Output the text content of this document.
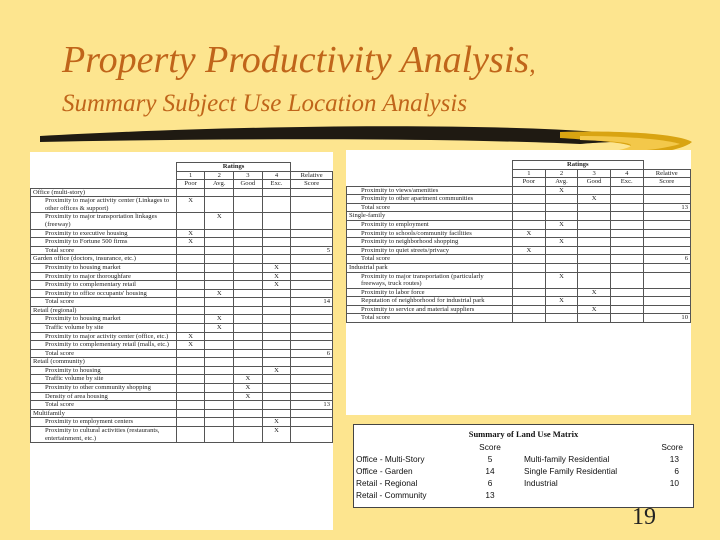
Property Productivity Analysis,
Summary Subject Use Location Analysis
	Ratings				
	1	2	3	4	Relative
	Poor	Avg.	Good	Exc.	Score
Office (multi-story)					
Proximity to major activity center (Linkages to other offices & support)	X				
Proximity to major transportation linkages (freeway)		X			
Proximity to executive housing	X				
Proximity to Fortune 500 firms	X				
Total score					5
Garden office (doctors, insurance, etc.)					
Proximity to housing market				X	
Proximity to major thoroughfare				X	
Proximity to complementary retail				X	
Proximity to office occupants' housing		X			
Total score					14
Retail (regional)					
Proximity to housing market		X			
Traffic volume by site		X			
Proximity to major activity center (office, etc.)	X				
Proximity to complementary retail (malls, etc.)	X				
Total score					6
Retail (community)					
Proximity to housing				X	
Traffic volume by site			X		
Proximity to other community shopping			X		
Density of area housing			X		
Total score					13
Multifamily					
Proximity to employment centers				X	
Proximity to cultural activities (restaurants, entertainment, etc.)				X	
	Ratings				
	1	2	3	4	Relative
	Poor	Avg.	Good	Exc.	Score
Proximity to views/amenities		X			
Proximity to other apartment communities			X		
Total score					13
Single-family					
Proximity to employment		X			
Proximity to schools/community facilities	X				
Proximity to neighborhood shopping		X			
Proximity to quiet streets/privacy	X				
Total score					6
Industrial park					
Proximity to major transportation (particularly freeways, truck routes)		X			
Proximity to labor force			X		
Reputation of neighborhood for industrial park		X			
Proximity to service and material suppliers			X		
Total score					10
Summary of Land Use Matrix
	Score		Score
Office - Multi-Story	5	Multi-family Residential	13
Office - Garden	14	Single Family Residential	6
Retail - Regional	6	Industrial	10
Retail - Community	13		
19
